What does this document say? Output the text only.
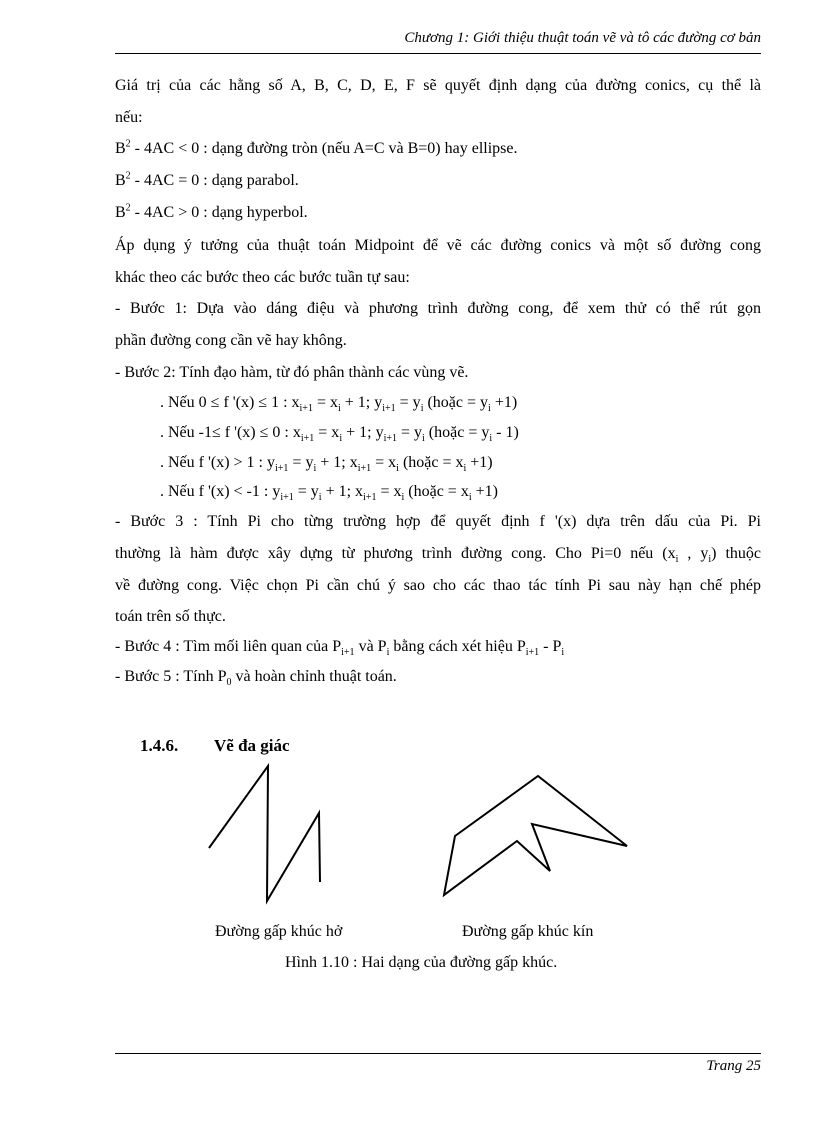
Chương 1: Giới thiệu thuật toán vẽ và tô các đường cơ bản
Giá trị của các hằng số A, B, C, D, E, F sẽ quyết định dạng của đường conics, cụ thể là
nếu:
$B^2 - 4AC < 0$ : dạng đường tròn (nếu A=C và B=0) hay ellipse.
$B^2 - 4AC = 0$ : dạng parabol.
$B^2 - 4AC > 0$ : dạng hyperbol.
Áp dụng ý tưởng của thuật toán Midpoint để vẽ các đường conics và một số đường cong
khác theo các bước theo các bước tuần tự sau:
- Bước 1: Dựa vào dáng điệu và phương trình đường cong, để xem thử có thể rút gọn
phần đường cong cần vẽ hay không.
- Bước 2: Tính đạo hàm, từ đó phân thành các vùng vẽ.
. Nếu 0 ≤ f '(x) ≤ 1 : $x_{i+1} = x_i + 1$; $y_{i+1} = y_i$ (hoặc = $y_i +1$)
. Nếu -1≤ f '(x) ≤ 0 : $x_{i+1} = x_i + 1$; $y_{i+1} = y_i$ (hoặc = $y_i - 1$)
. Nếu f '(x) > 1 : $y_{i+1} = y_i + 1$; $x_{i+1} = x_i$ (hoặc = $x_i +1$)
. Nếu f '(x) < -1 : $y_{i+1} = y_i + 1$; $x_{i+1} = x_i$ (hoặc = $x_i +1$)
- Bước 3 : Tính Pi cho từng trường hợp để quyết định f '(x) dựa trên dấu của Pi. Pi
thường là hàm được xây dựng từ phương trình đường cong. Cho Pi=0 nếu ($x_i$ , $y_i$) thuộc
về đường cong. Việc chọn Pi cần chú ý sao cho các thao tác tính Pi sau này hạn chế phép
toán trên số thực.
- Bước 4 : Tìm mối liên quan của $P_{i+1}$ và $P_i$ bằng cách xét hiệu $P_{i+1} - P_i$
- Bước 5 : Tính $P_0$ và hoàn chỉnh thuật toán.
1.4.6. Vẽ đa giác
Đường gấp khúc hở	Đường gấp khúc kín
Hình 1.10 : Hai dạng của đường gấp khúc.
Trang 25
